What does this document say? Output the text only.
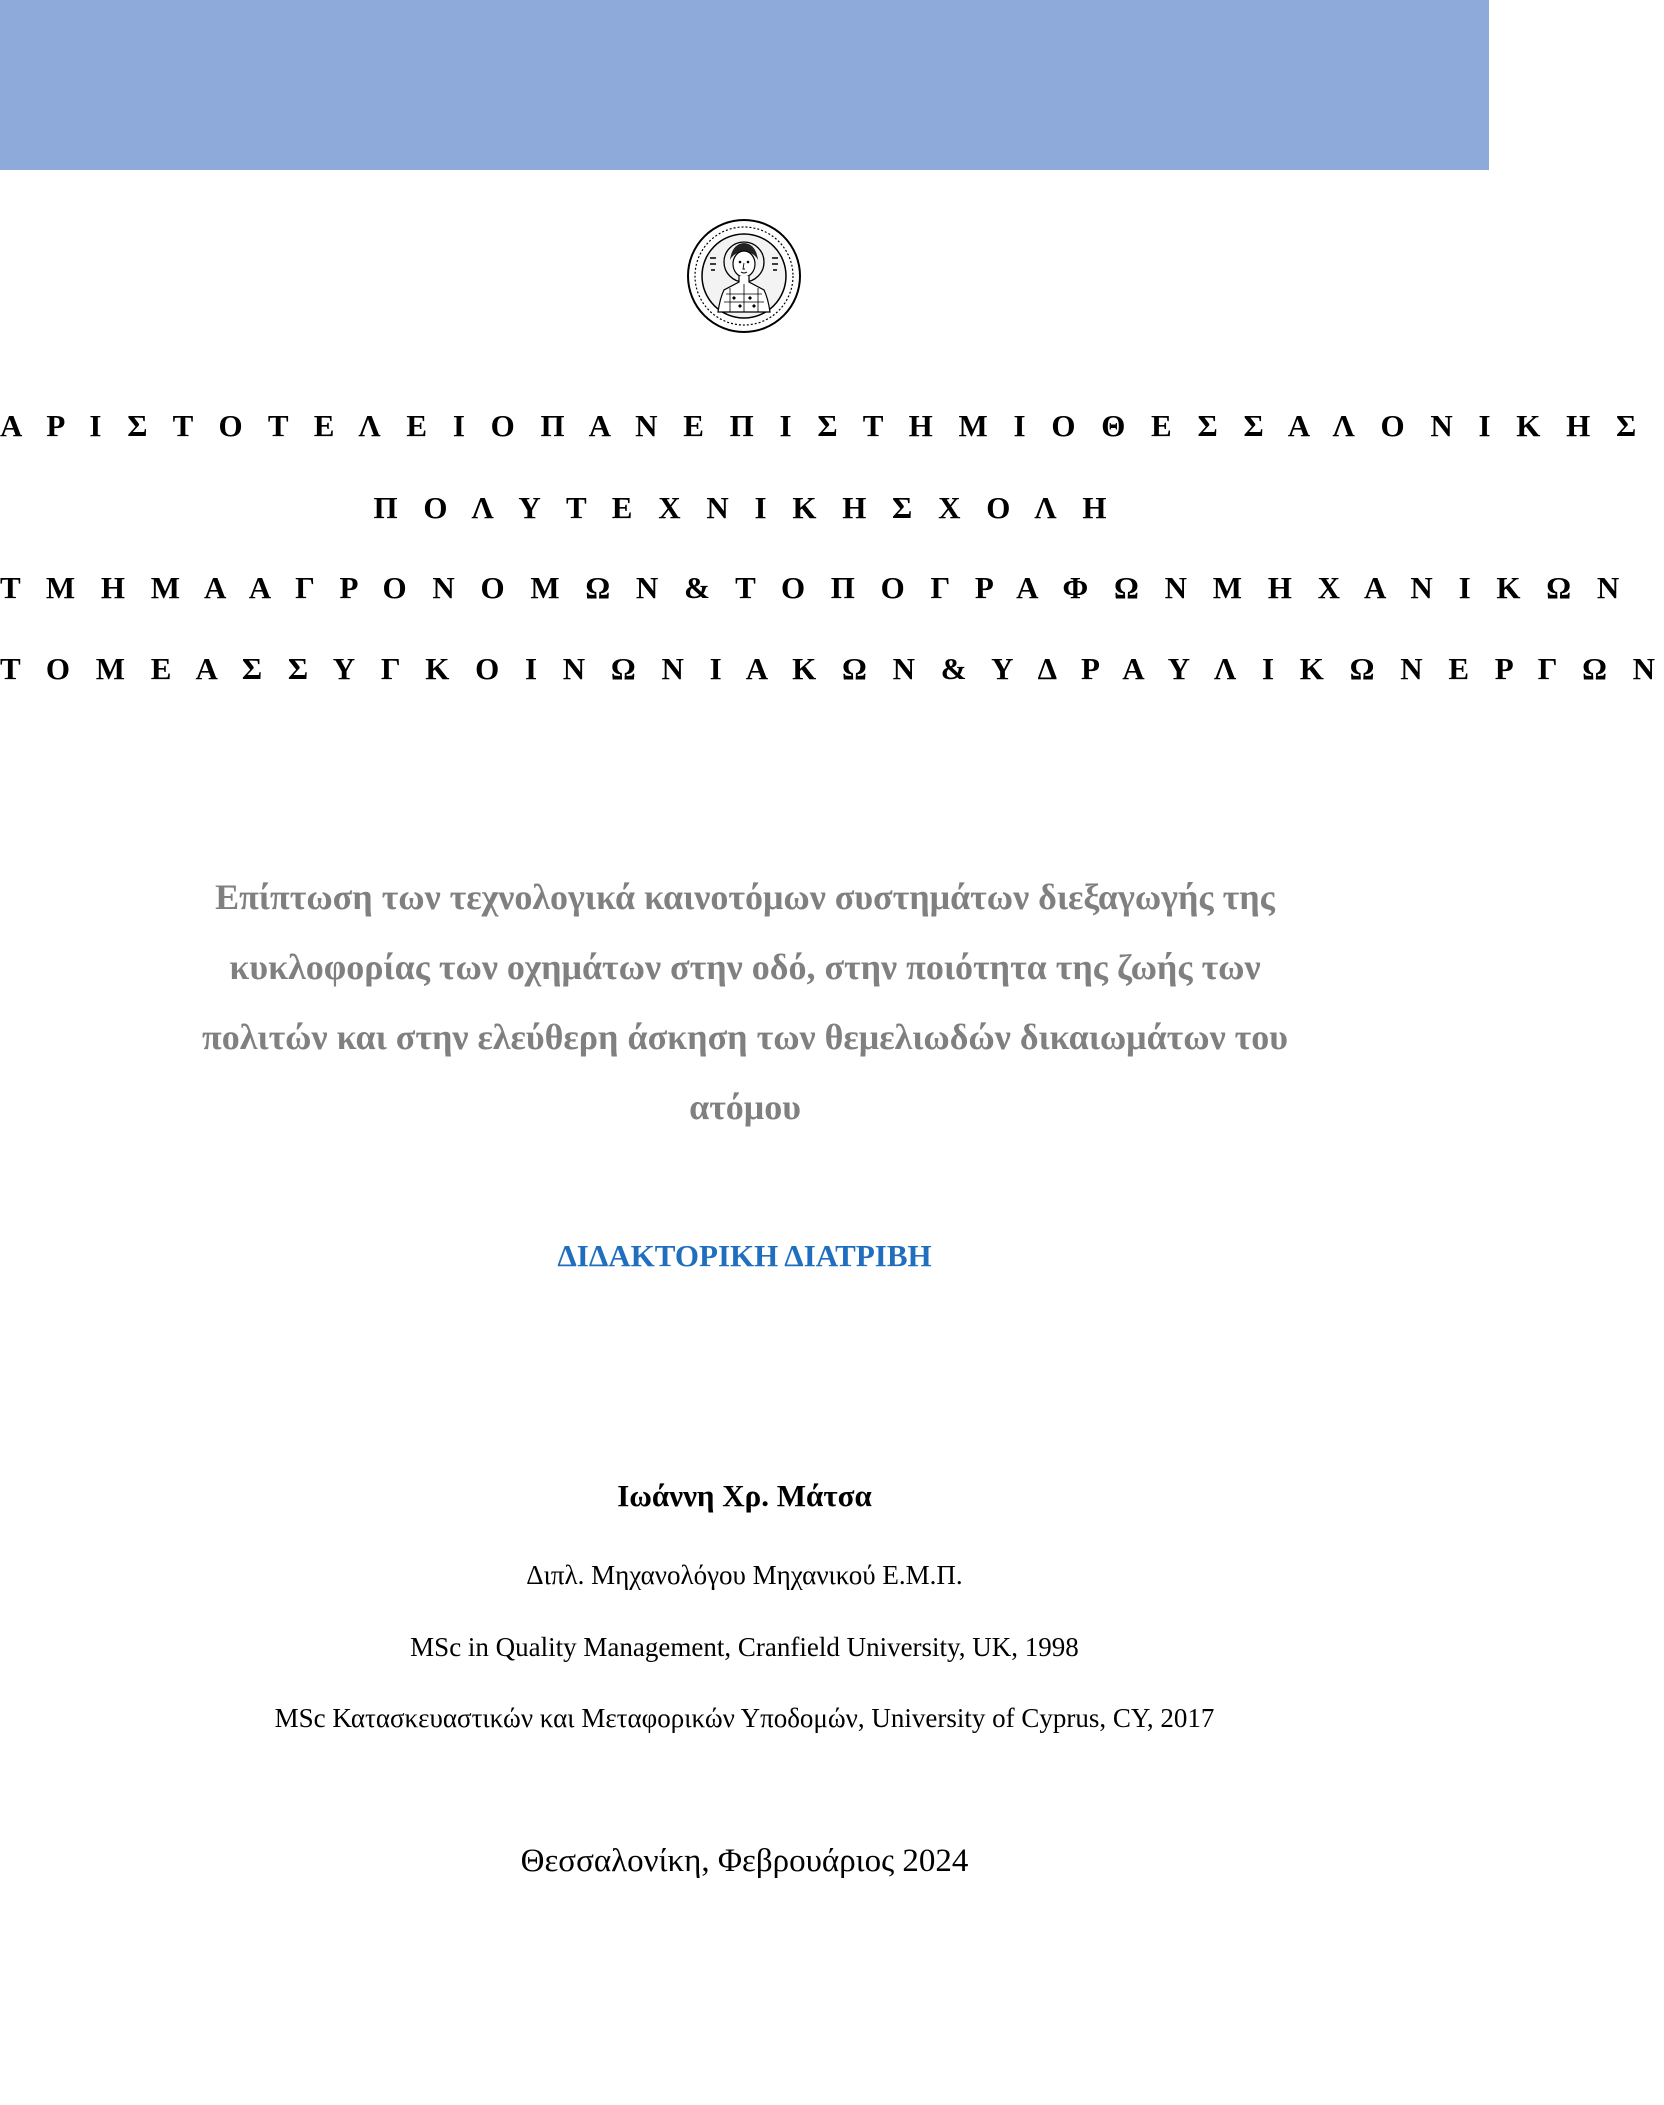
Α Ρ Ι Σ Τ Ο Τ Ε Λ Ε Ι Ο Π Α Ν Ε Π Ι Σ Τ Η Μ Ι Ο Θ Ε Σ Σ Α Λ Ο Ν Ι Κ Η Σ
Π Ο Λ Υ Τ Ε Χ Ν Ι Κ Η Σ Χ Ο Λ Η
Τ Μ Η Μ Α Α Γ Ρ Ο Ν Ο Μ Ω Ν & Τ Ο Π Ο Γ Ρ Α Φ Ω Ν Μ Η Χ Α Ν Ι Κ Ω Ν
Τ Ο Μ Ε Α Σ Σ Υ Γ Κ Ο Ι Ν Ω Ν Ι Α Κ Ω Ν & Υ Δ Ρ Α Υ Λ Ι Κ Ω Ν Ε Ρ Γ Ω Ν
Επίπτωση των τεχνολογικά καινοτόμων συστημάτων διεξαγωγής της
κυκλοφορίας των οχημάτων στην οδό, στην ποιότητα της ζωής των
πολιτών και στην ελεύθερη άσκηση των θεμελιωδών δικαιωμάτων του
ατόμου
ΔΙΔΑΚΤΟΡΙΚΗ ΔΙΑΤΡΙΒΗ
Ιωάννη Χρ. Μάτσα
Διπλ. Μηχανολόγου Μηχανικού Ε.Μ.Π.
MSc in Quality Management, Cranfield University, UK, 1998
MSc Κατασκευαστικών και Μεταφορικών Υποδομών, University of Cyprus, CY, 2017
Θεσσαλονίκη, Φεβρουάριος 2024
